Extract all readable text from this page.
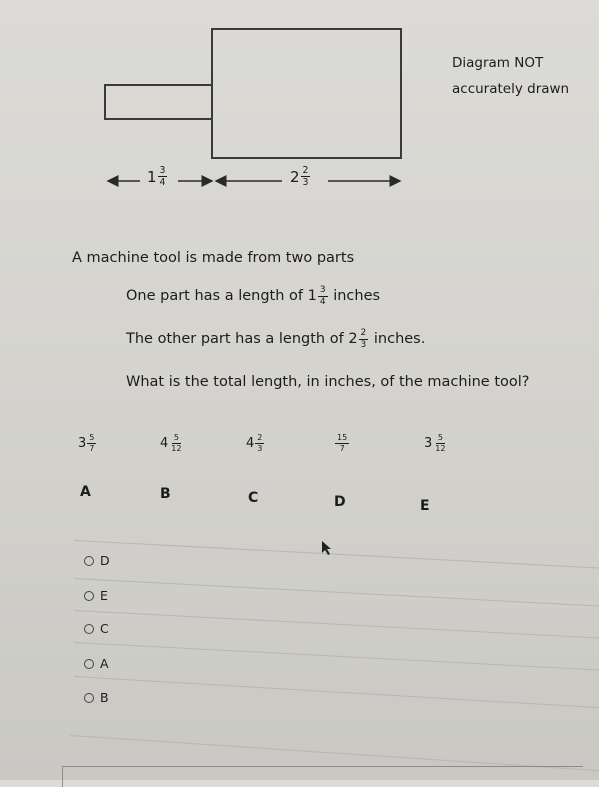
Diagram NOT
accurately drawn
$1 \frac{3}{4}$	$2 \frac{2}{3}$
A machine tool is made from two parts
One part has a length of
$1 \frac{3}{4}$
inches
The other part has a length of
$2 \frac{2}{3}$
inches.
What is the total length, in inches, of the machine tool?
$3 \frac{5}{7}$	$4 \frac{5}{12}$	$4 \frac{2}{3}$	$\frac{15}{7}$	$3 \frac{5}{12}$
A	B	C	D	E
D
E
C
A
B
